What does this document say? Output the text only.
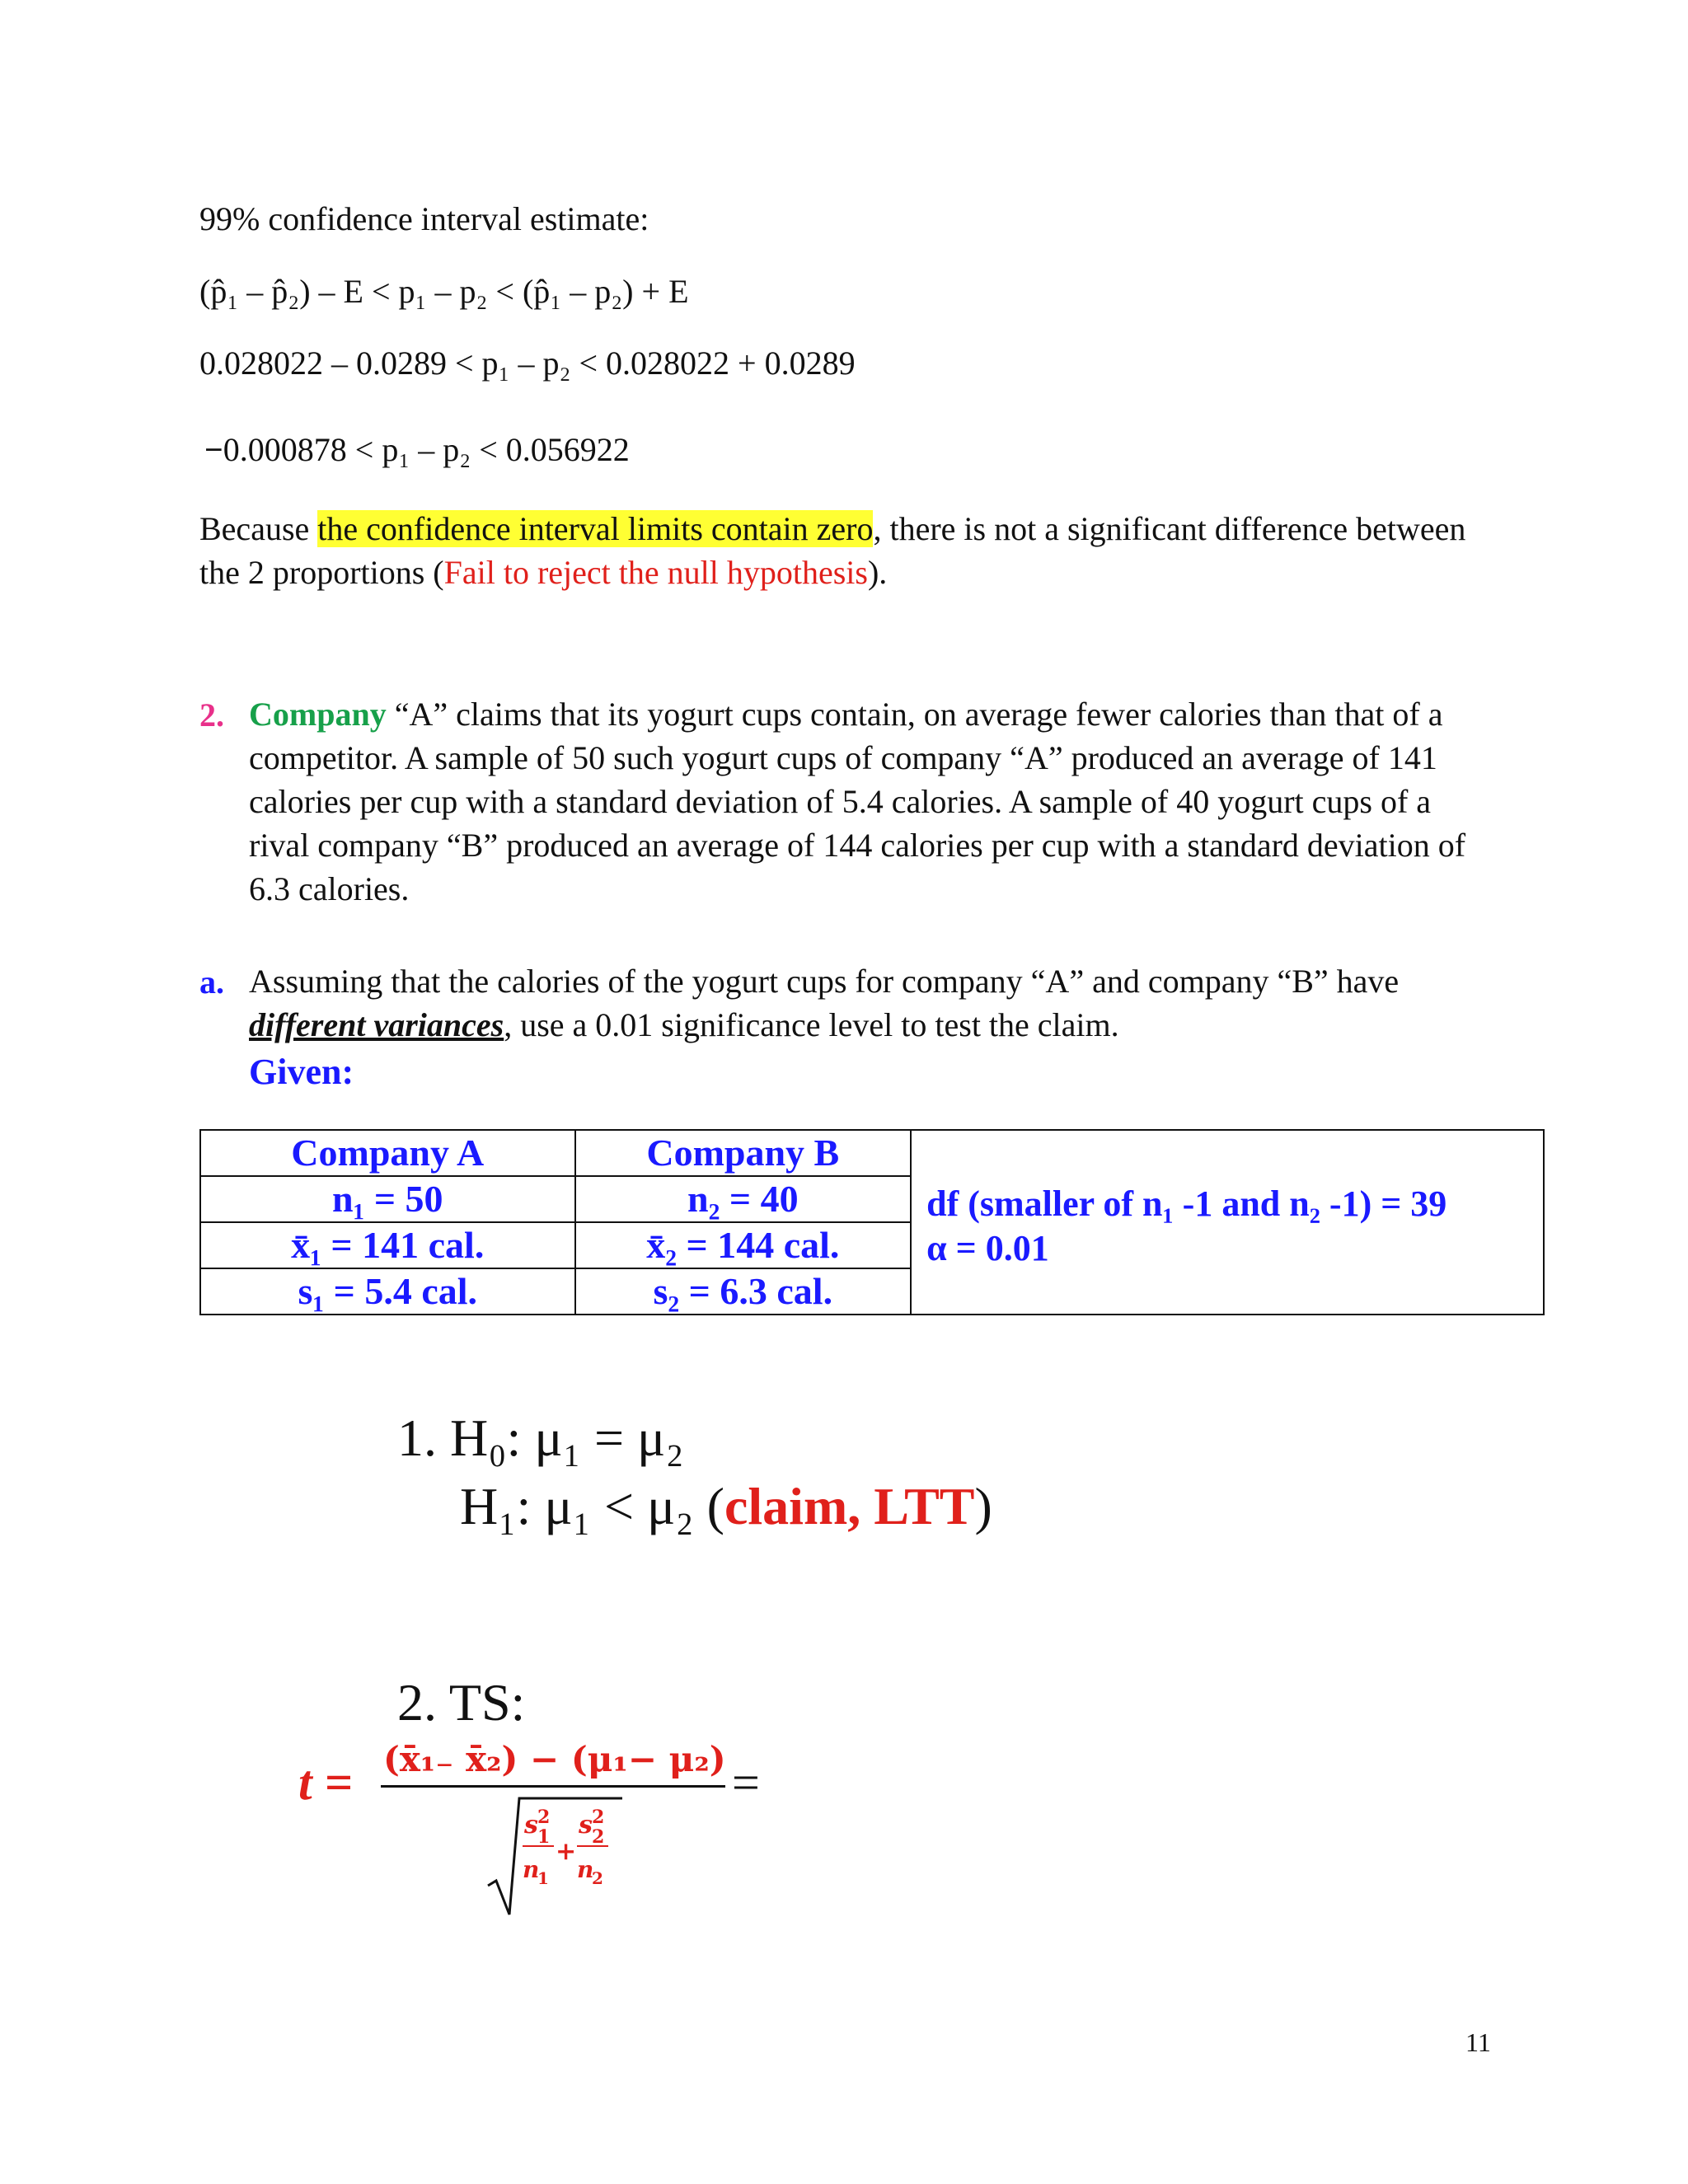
99% confidence interval estimate:
(p̂₁ – p̂₂) – E < p₁ – p₂ < (p̂₁ – p₂) + E
0.028022 – 0.0289 < p₁ – p₂ < 0.028022 + 0.0289
−0.000878 < p₁ – p₂ < 0.056922
Because the confidence interval limits contain zero, there is not a significant difference between
the 2 proportions (Fail to reject the null hypothesis).
2. Company “A” claims that its yogurt cups contain, on average fewer calories than that of a
competitor. A sample of 50 such yogurt cups of company “A” produced an average of 141
calories per cup with a standard deviation of 5.4 calories. A sample of 40 yogurt cups of a
rival company “B” produced an average of 144 calories per cup with a standard deviation of
6.3 calories.
a. Assuming that the calories of the yogurt cups for company “A” and company “B” have
different variances, use a 0.01 significance level to test the claim.
Given:
Company A	Company B	df (smaller of n₁ -1 and n₂ -1) = 39
α = 0.01

n₁ = 50	n₂ = 40	
x̄₁ = 141 cal.	x̄₂ = 144 cal.	
s₁ = 5.4 cal.	s₂ = 6.3 cal.	
1. H₀: μ₁ = μ₂
H₁: μ₁ < μ₂ (claim, LTT)
2. TS:
t = (x̄₁₋ x̄₂) − (μ₁− μ₂) =
s 2
1
n
1
+
s 2
2
n
2
11
